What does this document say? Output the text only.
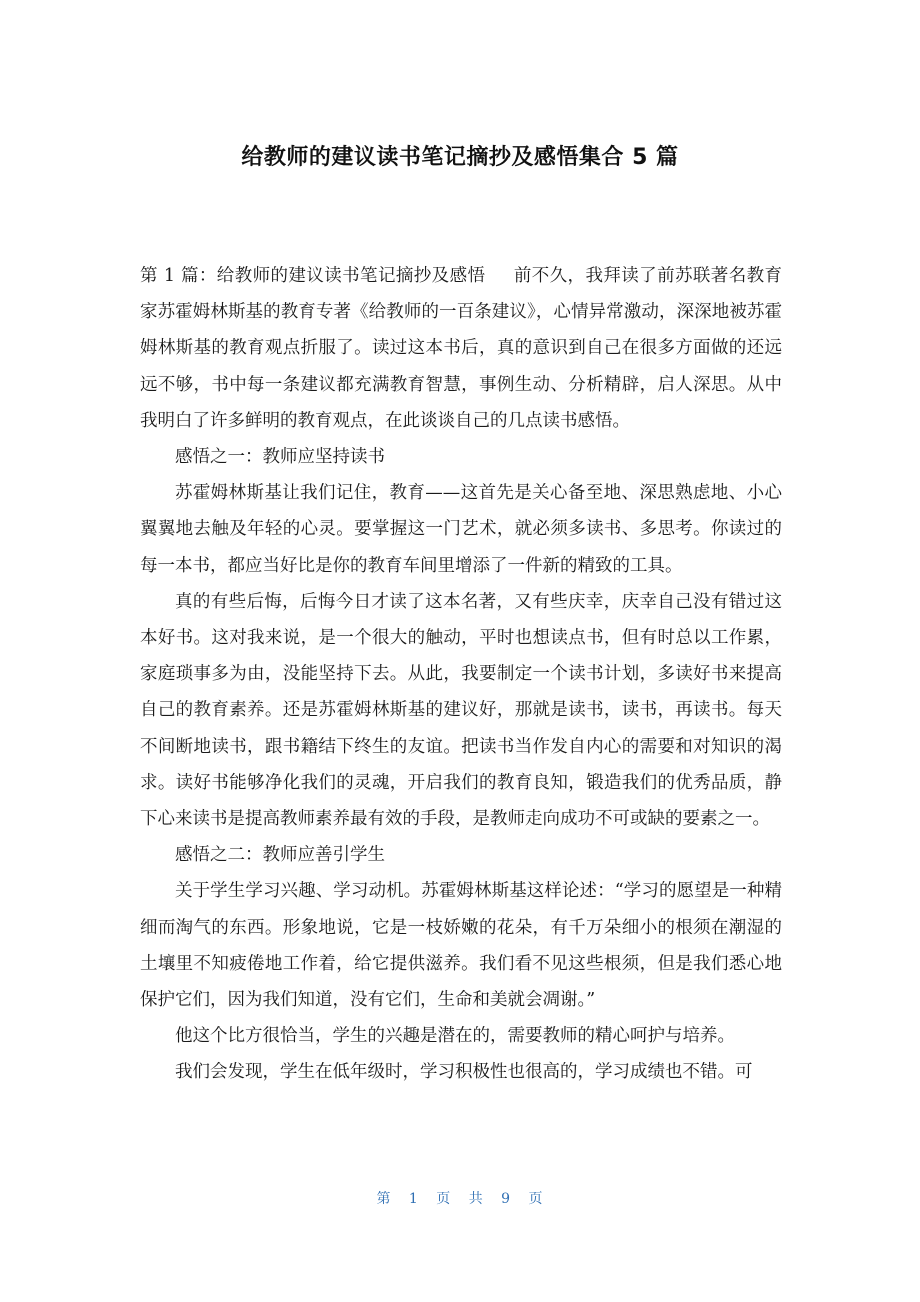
给教师的建议读书笔记摘抄及感悟集合 5 篇

第 1 篇：给教师的建议读书笔记摘抄及感悟 前不久，我拜读了前苏联著名教育家苏霍姆林斯基的教育专著《给教师的一百条建议》，心情异常激动，深深地被苏霍姆林斯基的教育观点折服了。读过这本书后，真的意识到自己在很多方面做的还远远不够，书中每一条建议都充满教育智慧，事例生动、分析精辟，启人深思。从中我明白了许多鲜明的教育观点，在此谈谈自己的几点读书感悟。

感悟之一：教师应坚持读书

苏霍姆林斯基让我们记住，教育——这首先是关心备至地、深思熟虑地、小心翼翼地去触及年轻的心灵。要掌握这一门艺术，就必须多读书、多思考。你读过的每一本书，都应当好比是你的教育车间里增添了一件新的精致的工具。

真的有些后悔，后悔今日才读了这本名著，又有些庆幸，庆幸自己没有错过这本好书。这对我来说，是一个很大的触动，平时也想读点书，但有时总以工作累，家庭琐事多为由，没能坚持下去。从此，我要制定一个读书计划，多读好书来提高自己的教育素养。还是苏霍姆林斯基的建议好，那就是读书，读书，再读书。每天不间断地读书，跟书籍结下终生的友谊。把读书当作发自内心的需要和对知识的渴求。读好书能够净化我们的灵魂，开启我们的教育良知，锻造我们的优秀品质，静下心来读书是提高教师素养最有效的手段，是教师走向成功不可或缺的要素之一。

感悟之二：教师应善引学生

关于学生学习兴趣、学习动机。苏霍姆林斯基这样论述：“学习的愿望是一种精细而淘气的东西。形象地说，它是一枝娇嫩的花朵，有千万朵细小的根须在潮湿的土壤里不知疲倦地工作着，给它提供滋养。我们看不见这些根须，但是我们悉心地保护它们，因为我们知道，没有它们，生命和美就会凋谢。”

他这个比方很恰当，学生的兴趣是潜在的，需要教师的精心呵护与培养。

我们会发现，学生在低年级时，学习积极性也很高的，学习成绩也不错。可

第 1 页 共 9 页
